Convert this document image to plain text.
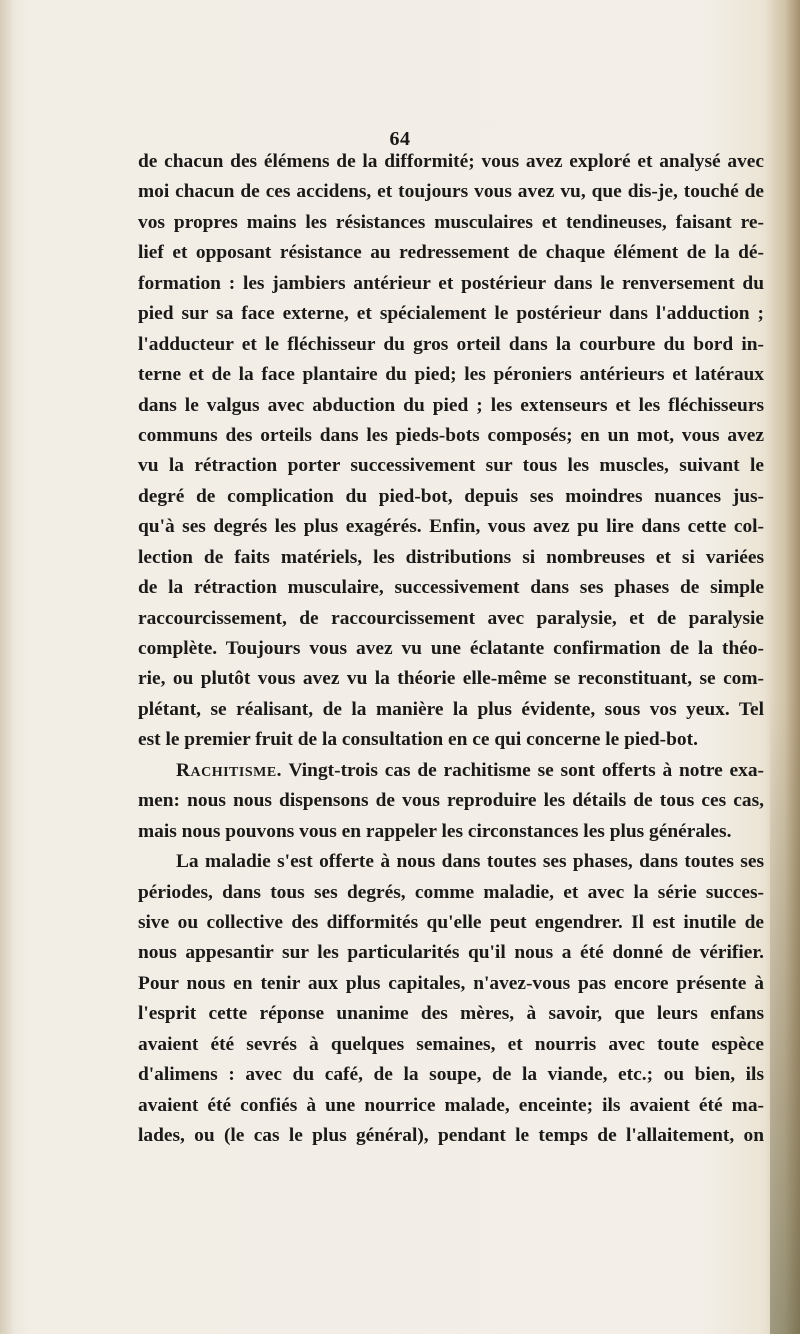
64
de chacun des élémens de la difformité; vous avez exploré et analysé avec
moi chacun de ces accidens, et toujours vous avez vu, que dis-je, touché de
vos propres mains les résistances musculaires et tendineuses, faisant re-
lief et opposant résistance au redressement de chaque élément de la dé-
formation : les jambiers antérieur et postérieur dans le renversement du
pied sur sa face externe, et spécialement le postérieur dans l'adduction ;
l'adducteur et le fléchisseur du gros orteil dans la courbure du bord in-
terne et de la face plantaire du pied; les péroniers antérieurs et latéraux
dans le valgus avec abduction du pied ; les extenseurs et les fléchisseurs
communs des orteils dans les pieds-bots composés; en un mot, vous avez
vu la rétraction porter successivement sur tous les muscles, suivant le
degré de complication du pied-bot, depuis ses moindres nuances jus-
qu'à ses degrés les plus exagérés. Enfin, vous avez pu lire dans cette col-
lection de faits matériels, les distributions si nombreuses et si variées
de la rétraction musculaire, successivement dans ses phases de simple
raccourcissement, de raccourcissement avec paralysie, et de paralysie
complète. Toujours vous avez vu une éclatante confirmation de la théo-
rie, ou plutôt vous avez vu la théorie elle-même se reconstituant, se com-
plétant, se réalisant, de la manière la plus évidente, sous vos yeux. Tel
est le premier fruit de la consultation en ce qui concerne le pied-bot.
Rachitisme. Vingt-trois cas de rachitisme se sont offerts à notre exa-
men: nous nous dispensons de vous reproduire les détails de tous ces cas,
mais nous pouvons vous en rappeler les circonstances les plus générales.
La maladie s'est offerte à nous dans toutes ses phases, dans toutes ses
périodes, dans tous ses degrés, comme maladie, et avec la série succes-
sive ou collective des difformités qu'elle peut engendrer. Il est inutile de
nous appesantir sur les particularités qu'il nous a été donné de vérifier.
Pour nous en tenir aux plus capitales, n'avez-vous pas encore présente à
l'esprit cette réponse unanime des mères, à savoir, que leurs enfans
avaient été sevrés à quelques semaines, et nourris avec toute espèce
d'alimens : avec du café, de la soupe, de la viande, etc.; ou bien, ils
avaient été confiés à une nourrice malade, enceinte; ils avaient été ma-
lades, ou (le cas le plus général), pendant le temps de l'allaitement, on
